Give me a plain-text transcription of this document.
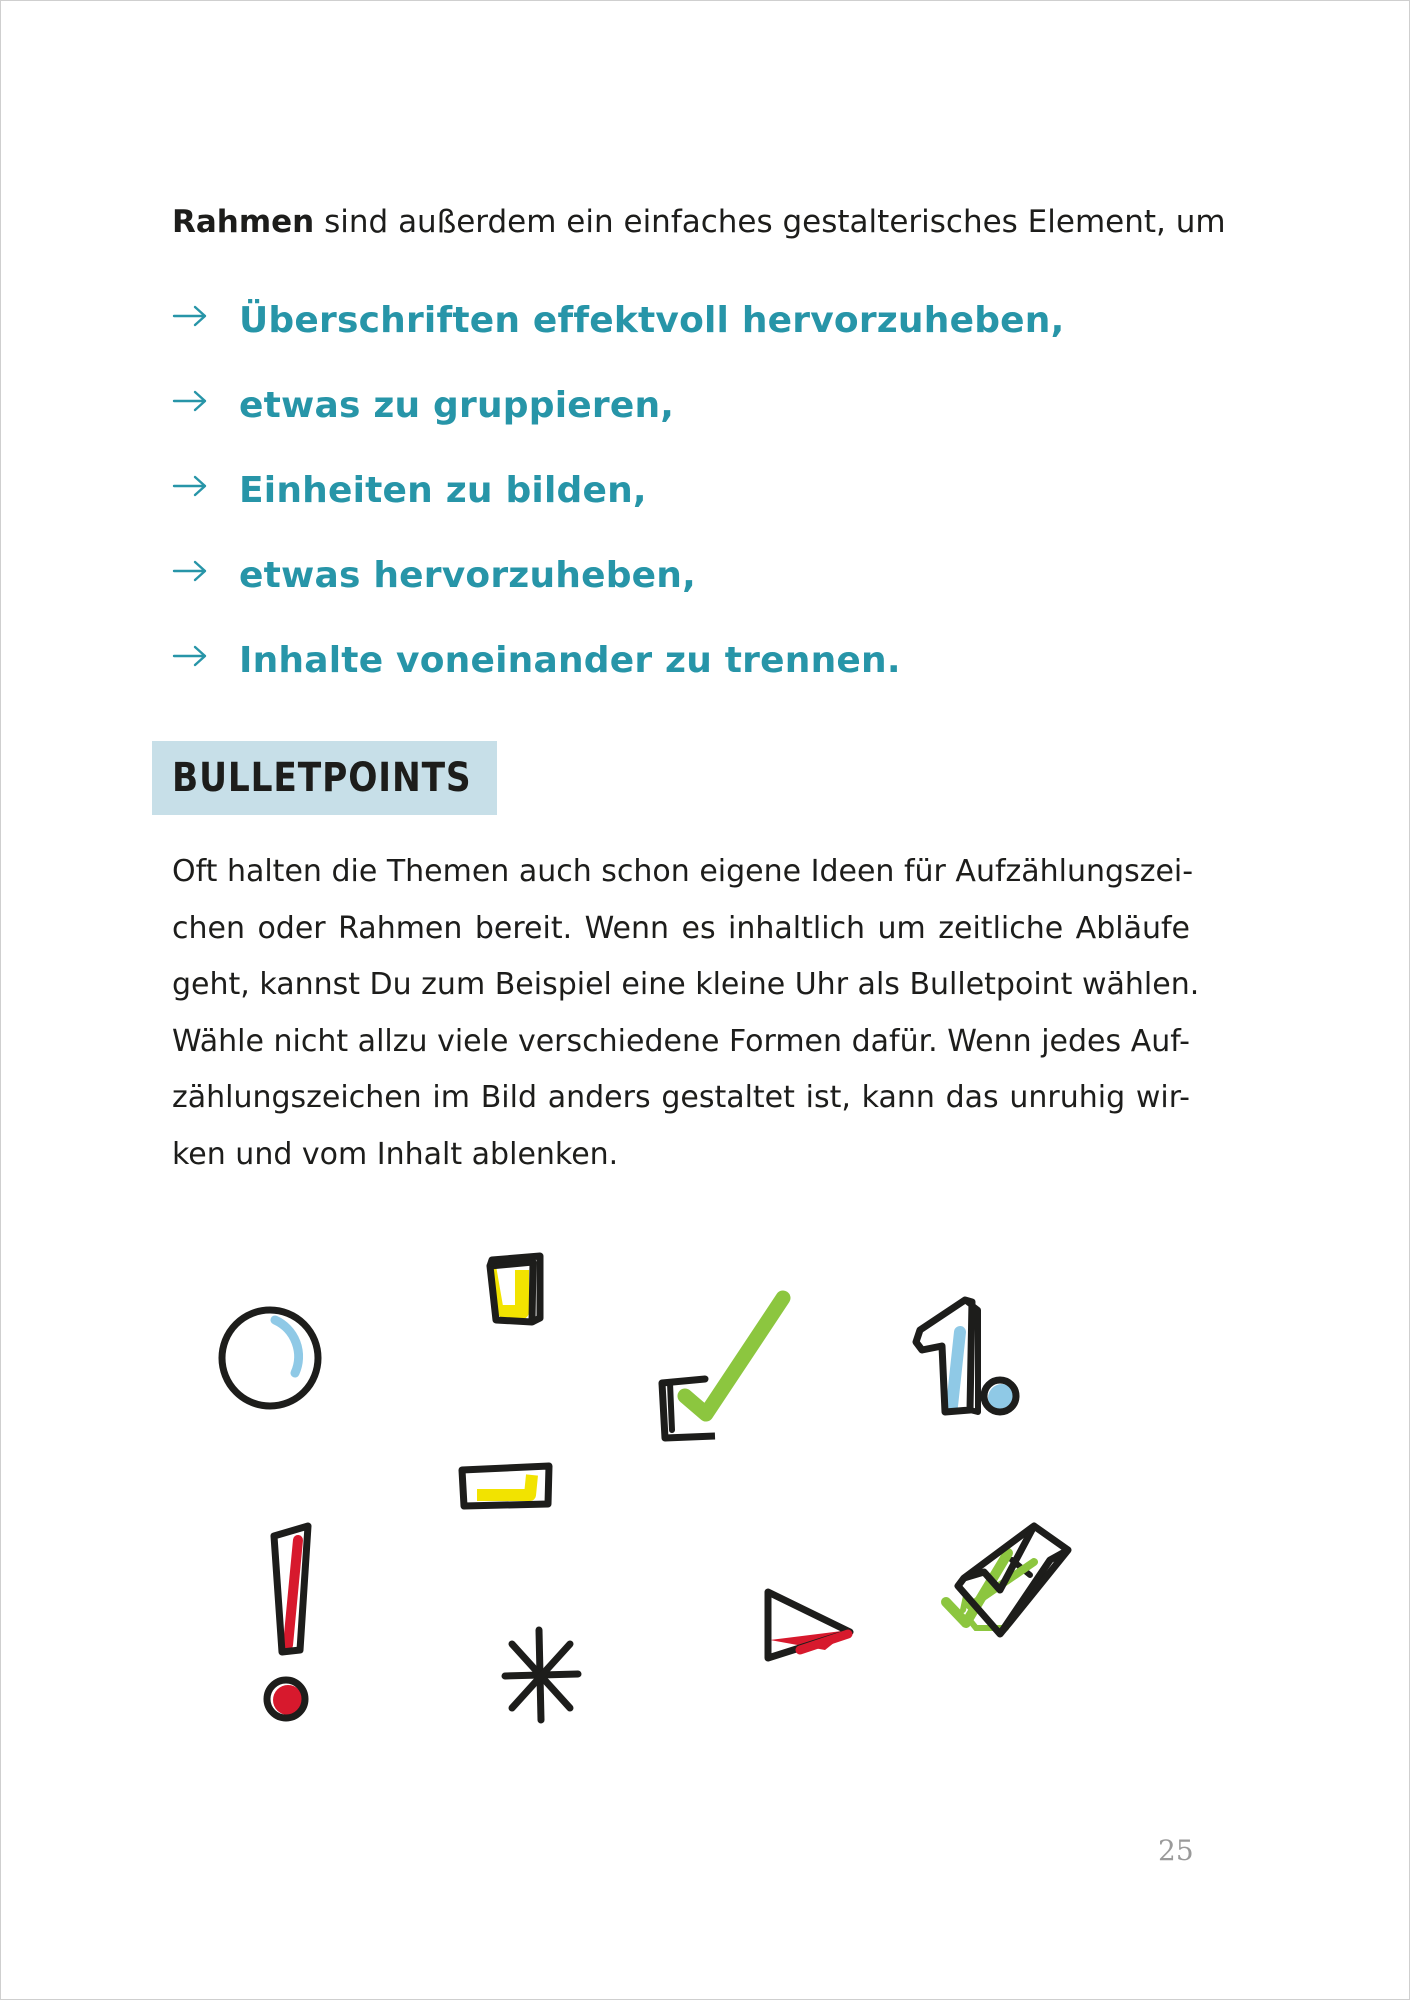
Rahmen sind außerdem ein einfaches gestalterisches Element, um
Überschriften effektvoll hervorzuheben,
etwas zu gruppieren,
Einheiten zu bilden,
etwas hervorzuheben,
Inhalte voneinander zu trennen.
BULLETPOINTS
Oft halten die Themen auch schon eigene Ideen für Aufzählungszei-
chen oder Rahmen bereit. Wenn es inhaltlich um zeitliche Abläufe
geht, kannst Du zum Beispiel eine kleine Uhr als Bulletpoint wählen.
Wähle nicht allzu viele verschiedene Formen dafür. Wenn jedes Auf-
zählungszeichen im Bild anders gestaltet ist, kann das unruhig wir-
ken und vom Inhalt ablenken.
25
